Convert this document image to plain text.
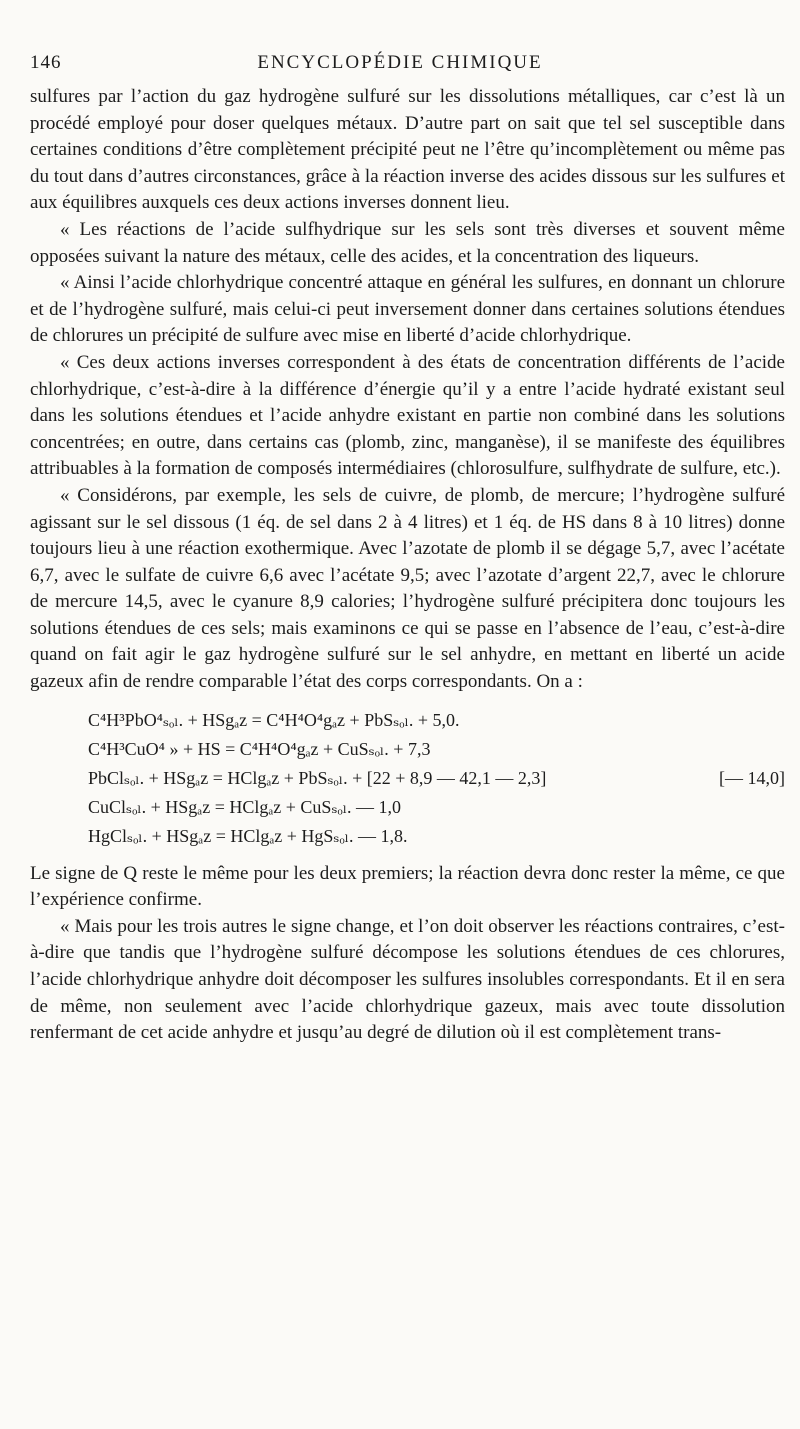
146	ENCYCLOPÉDIE CHIMIQUE

sulfures par l’action du gaz hydrogène sulfuré sur les dissolutions métalliques, car c’est là un procédé employé pour doser quelques métaux. D’autre part on sait que tel sel susceptible dans certaines conditions d’être complètement précipité peut ne l’être qu’incomplètement ou même pas du tout dans d’autres circonstances, grâce à la réaction inverse des acides dissous sur les sulfures et aux équilibres auxquels ces deux actions inverses donnent lieu.

« Les réactions de l’acide sulfhydrique sur les sels sont très diverses et souvent même opposées suivant la nature des métaux, celle des acides, et la concentration des liqueurs.

« Ainsi l’acide chlorhydrique concentré attaque en général les sulfures, en donnant un chlorure et de l’hydrogène sulfuré, mais celui-ci peut inversement donner dans certaines solutions étendues de chlorures un précipité de sulfure avec mise en liberté d’acide chlorhydrique.

« Ces deux actions inverses correspondent à des états de concentration différents de l’acide chlorhydrique, c’est-à-dire à la différence d’énergie qu’il y a entre l’acide hydraté existant seul dans les solutions étendues et l’acide anhydre existant en partie non combiné dans les solutions concentrées; en outre, dans certains cas (plomb, zinc, manganèse), il se manifeste des équilibres attribuables à la formation de composés intermédiaires (chlorosulfure, sulfhydrate de sulfure, etc.).

« Considérons, par exemple, les sels de cuivre, de plomb, de mercure; l’hydrogène sulfuré agissant sur le sel dissous (1 éq. de sel dans 2 à 4 litres) et 1 éq. de HS dans 8 à 10 litres) donne toujours lieu à une réaction exothermique. Avec l’azotate de plomb il se dégage 5,7, avec l’acétate 6,7, avec le sulfate de cuivre 6,6 avec l’acétate 9,5; avec l’azotate d’argent 22,7, avec le chlorure de mercure 14,5, avec le cyanure 8,9 calories; l’hydrogène sulfuré précipitera donc toujours les solutions étendues de ces sels; mais examinons ce qui se passe en l’absence de l’eau, c’est-à-dire quand on fait agir le gaz hydrogène sulfuré sur le sel anhydre, en mettant en liberté un acide gazeux afin de rendre comparable l’état des corps correspondants. On a :

C⁴H³PbO⁴ₛₒₗ. + HSgₐz = C⁴H⁴O⁴gₐz + PbSₛₒₗ. + 5,0.
C⁴H³CuO⁴ » + HS = C⁴H⁴O⁴gₐz + CuSₛₒₗ. + 7,3
PbClₛₒₗ. + HSgₐz = HClgₐz + PbSₛₒₗ. + [22 + 8,9 — 42,1 — 2,3]	[— 14,0]
CuClₛₒₗ. + HSgₐz = HClgₐz + CuSₛₒₗ. — 1,0
HgClₛₒₗ. + HSgₐz = HClgₐz + HgSₛₒₗ. — 1,8.

Le signe de Q reste le même pour les deux premiers; la réaction devra donc rester la même, ce que l’expérience confirme.

« Mais pour les trois autres le signe change, et l’on doit observer les réactions contraires, c’est-à-dire que tandis que l’hydrogène sulfuré décompose les solutions étendues de ces chlorures, l’acide chlorhydrique anhydre doit décomposer les sulfures insolubles correspondants. Et il en sera de même, non seulement avec l’acide chlorhydrique gazeux, mais avec toute dissolution renfermant de cet acide anhydre et jusqu’au degré de dilution où il est complètement trans-
